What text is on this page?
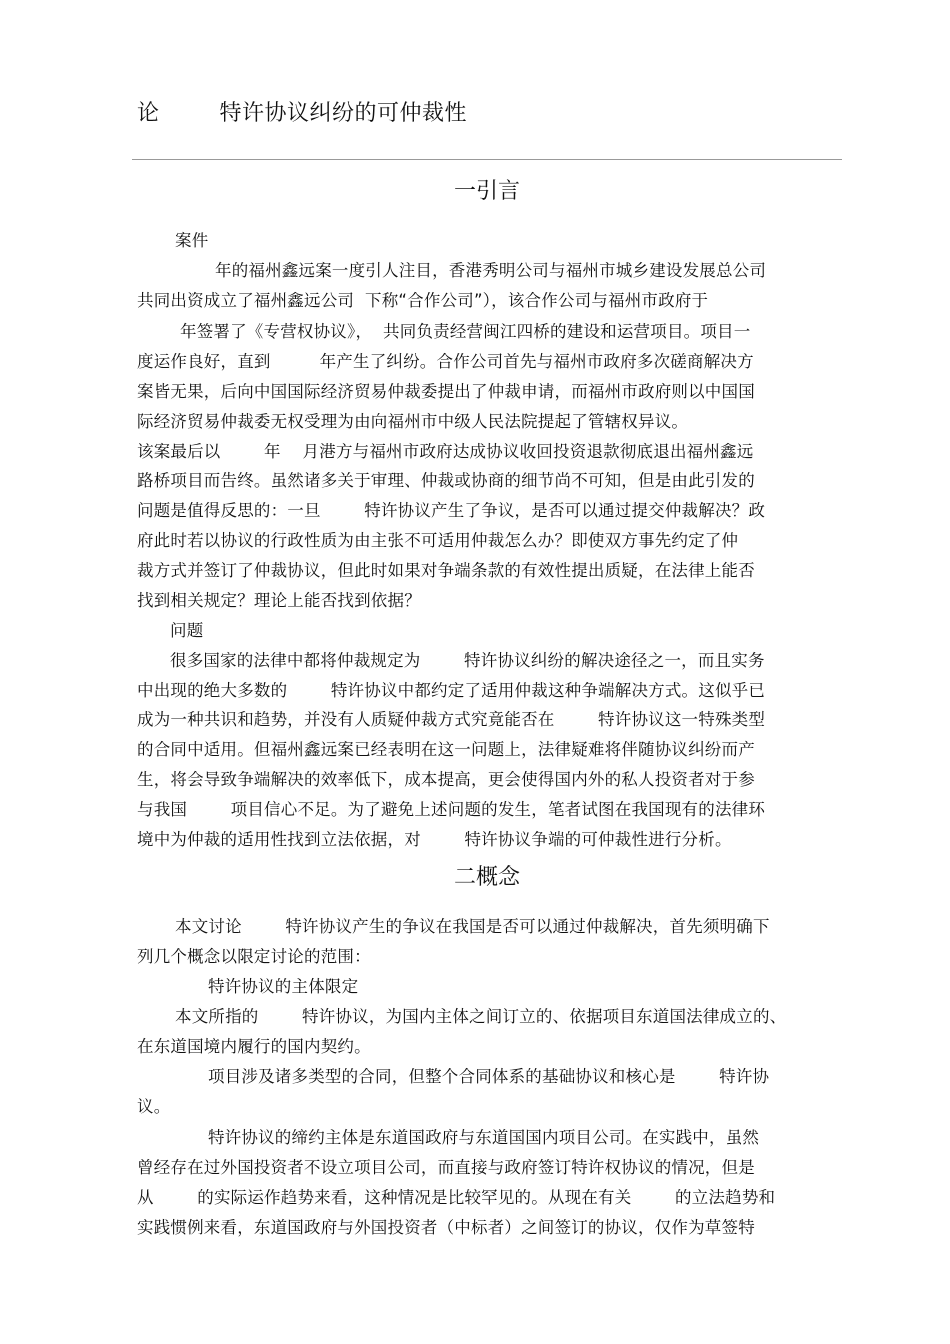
论        特许协议纠纷的可仲裁性
一引言
案件
年的福州鑫远案一度引人注目，香港秀明公司与福州市城乡建设发展总公司
共同出资成立了福州鑫远公司  下称“合作公司”），该合作公司与福州市政府于
年签署了《专营权协议》，  共同负责经营闽江四桥的建设和运营项目。项目一
度运作良好，直到         年产生了纠纷。合作公司首先与福州市政府多次磋商解决方
案皆无果，后向中国国际经济贸易仲裁委提出了仲裁申请，而福州市政府则以中国国
际经济贸易仲裁委无权受理为由向福州市中级人民法院提起了管辖权异议。
该案最后以        年    月港方与福州市政府达成协议收回投资退款彻底退出福州鑫远
路桥项目而告终。虽然诸多关于审理、仲裁或协商的细节尚不可知，但是由此引发的
问题是值得反思的：一旦        特许协议产生了争议，是否可以通过提交仲裁解决？政
府此时若以协议的行政性质为由主张不可适用仲裁怎么办？即使双方事先约定了仲
裁方式并签订了仲裁协议，但此时如果对争端条款的有效性提出质疑，在法律上能否
找到相关规定？理论上能否找到依据？
问题
很多国家的法律中都将仲裁规定为        特许协议纠纷的解决途径之一，而且实务
中出现的绝大多数的        特许协议中都约定了适用仲裁这种争端解决方式。这似乎已
成为一种共识和趋势，并没有人质疑仲裁方式究竟能否在        特许协议这一特殊类型
的合同中适用。但福州鑫远案已经表明在这一问题上，法律疑难将伴随协议纠纷而产
生，将会导致争端解决的效率低下，成本提高，更会使得国内外的私人投资者对于参
与我国        项目信心不足。为了避免上述问题的发生，笔者试图在我国现有的法律环
境中为仲裁的适用性找到立法依据，对        特许协议争端的可仲裁性进行分析。
二概念
本文讨论        特许协议产生的争议在我国是否可以通过仲裁解决，首先须明确下
列几个概念以限定讨论的范围：
特许协议的主体限定
本文所指的        特许协议，为国内主体之间订立的、依据项目东道国法律成立的、
在东道国境内履行的国内契约。
项目涉及诸多类型的合同，但整个合同体系的基础协议和核心是        特许协
议。
特许协议的缔约主体是东道国政府与东道国国内项目公司。在实践中，虽然
曾经存在过外国投资者不设立项目公司，而直接与政府签订特许权协议的情况，但是
从        的实际运作趋势来看，这种情况是比较罕见的。从现在有关        的立法趋势和
实践惯例来看，东道国政府与外国投资者（中标者）之间签订的协议，仅作为草签特
